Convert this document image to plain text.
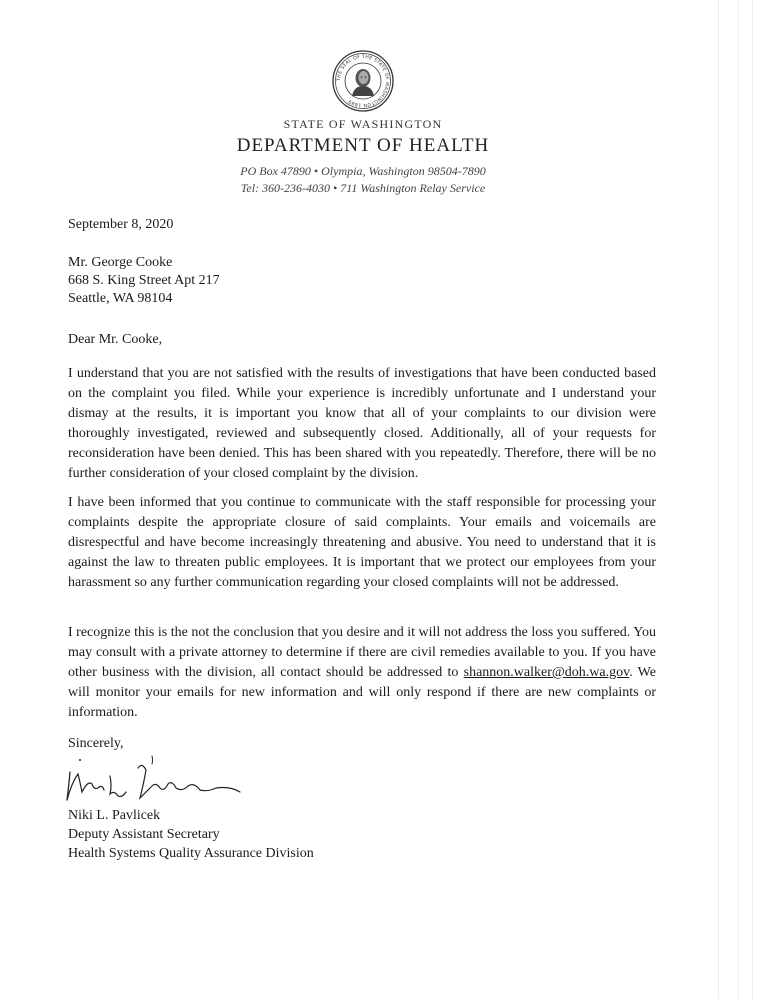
THE SEAL OF THE STATE OF WASHINGTON 1889
STATE OF WASHINGTON
DEPARTMENT OF HEALTH
PO Box 47890 • Olympia, Washington 98504-7890
Tel: 360-236-4030 • 711 Washington Relay Service
September 8, 2020
Mr. George Cooke
668 S. King Street Apt 217
Seattle, WA 98104
Dear Mr. Cooke,
I understand that you are not satisfied with the results of investigations that have been conducted based on the complaint you filed. While your experience is incredibly unfortunate and I understand your dismay at the results, it is important you know that all of your complaints to our division were thoroughly investigated, reviewed and subsequently closed. Additionally, all of your requests for reconsideration have been denied. This has been shared with you repeatedly. Therefore, there will be no further consideration of your closed complaint by the division.
I have been informed that you continue to communicate with the staff responsible for processing your complaints despite the appropriate closure of said complaints. Your emails and voicemails are disrespectful and have become increasingly threatening and abusive. You need to understand that it is against the law to threaten public employees. It is important that we protect our employees from your harassment so any further communication regarding your closed complaints will not be addressed.
I recognize this is the not the conclusion that you desire and it will not address the loss you suffered. You may consult with a private attorney to determine if there are civil remedies available to you. If you have other business with the division, all contact should be addressed to shannon.walker@doh.wa.gov. We will monitor your emails for new information and will only respond if there are new complaints or information.
Sincerely,
Niki L. Pavlicek
Deputy Assistant Secretary
Health Systems Quality Assurance Division
